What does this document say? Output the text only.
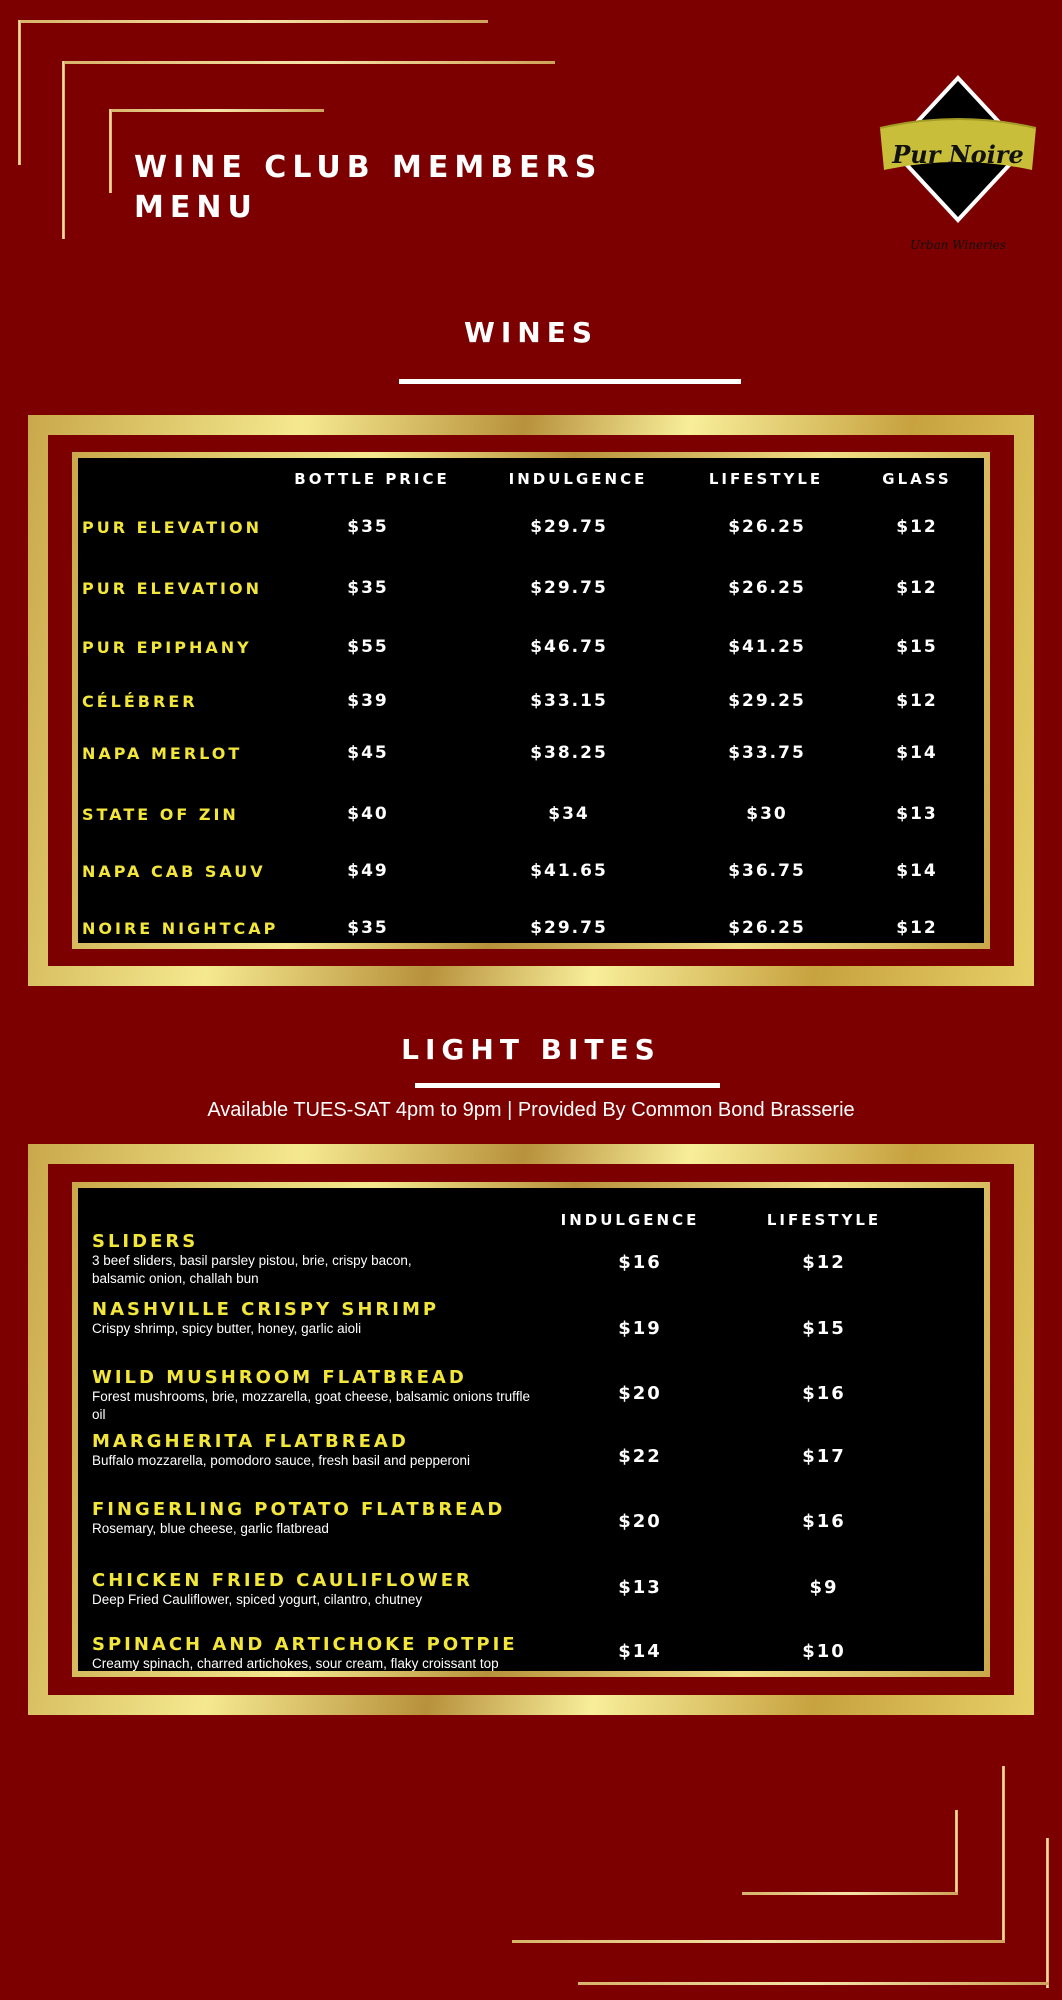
WINE CLUB MEMBERS
MENU
Pur Noire
Urban Wineries
WINES
BOTTLE PRICE	INDULGENCE	LIFESTYLE	GLASS
PUR ELEVATION	$35	$29.75	$26.25	$12
PUR ELEVATION	$35	$29.75	$26.25	$12
PUR EPIPHANY	$55	$46.75	$41.25	$15
CÉLÉBRER	$39	$33.15	$29.25	$12
NAPA MERLOT	$45	$38.25	$33.75	$14
STATE OF ZIN	$40	$34	$30	$13
NAPA CAB SAUV	$49	$41.65	$36.75	$14
NOIRE NIGHTCAP	$35	$29.75	$26.25	$12
LIGHT BITES
Available TUES-SAT 4pm to 9pm | Provided By Common Bond Brasserie
INDULGENCE	LIFESTYLE
SLIDERS
3 beef sliders, basil parsley pistou, brie, crispy bacon, balsamic onion, challah bun
$16	$12
NASHVILLE CRISPY SHRIMP
Crispy shrimp, spicy butter, honey, garlic aioli	$19	$15
WILD MUSHROOM FLATBREAD
Forest mushrooms, brie, mozzarella, goat cheese, balsamic onions truffle oil
$20	$16
MARGHERITA FLATBREAD
Buffalo mozzarella, pomodoro sauce, fresh basil and pepperoni	$22	$17
FINGERLING POTATO FLATBREAD
Rosemary, blue cheese, garlic flatbread	$20	$16
CHICKEN FRIED CAULIFLOWER
Deep Fried Cauliflower, spiced yogurt, cilantro, chutney
$13	$9
SPINACH AND ARTICHOKE POTPIE
Creamy spinach, charred artichokes, sour cream, flaky croissant top
$14	$10
